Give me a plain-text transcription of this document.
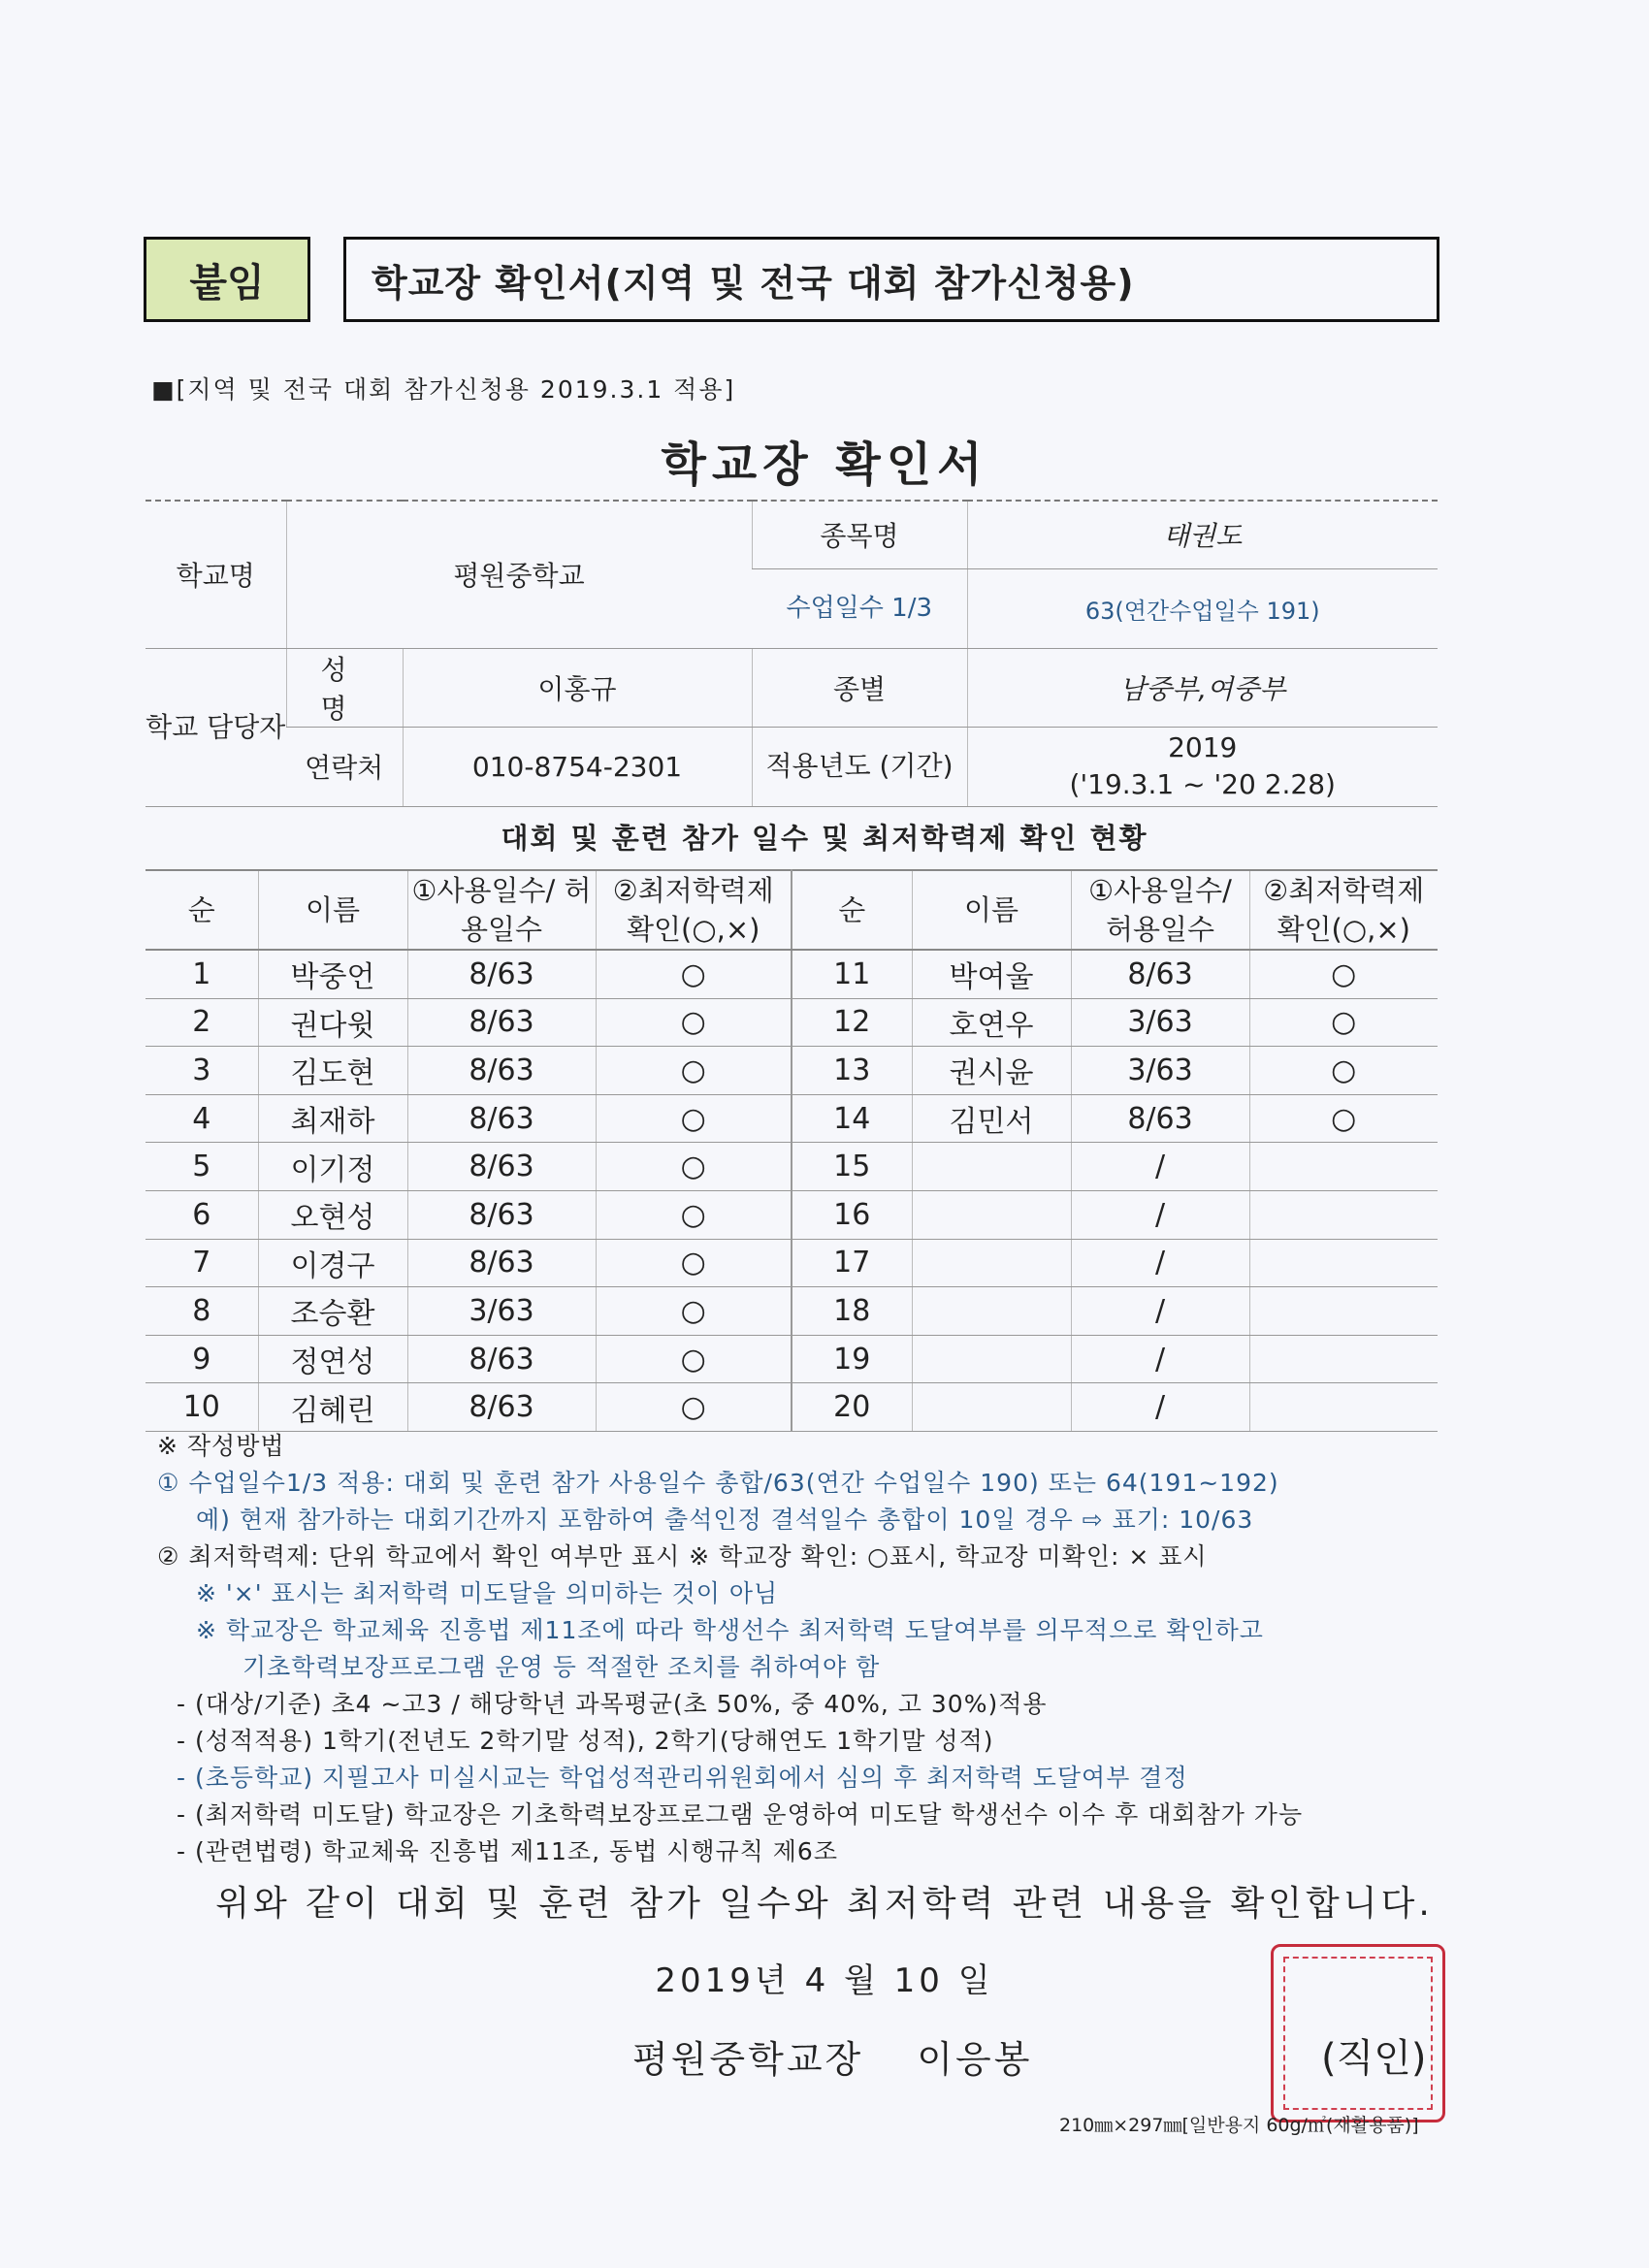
붙임	학교장 확인서(지역 및 전국 대회 참가신청용)
■[지역 및 전국 대회 참가신청용 2019.3.1 적용]
학교장 확인서
학교명	평원중학교		종목명	태권도
			수업일수 1/3	63(연간수업일수 191)
학교 담당자	성 명	이홍규	종별	남중부,여중부
	연락처	010-8754-2301	적용년도 (기간)	2019
('19.3.1 ~ '20 2.28)
대회 및 훈련 참가 일수 및 최저학력제 확인 현황
순	이름	①사용일수/ 허용일수	②최저학력제 확인(○,×)	순	이름	①사용일수/ 허용일수	②최저학력제 확인(○,×)
1	박중언	8/63	○	11	박여울	8/63	○
2	권다윗	8/63	○	12	호연우	3/63	○
3	김도현	8/63	○	13	권시윤	3/63	○
4	최재하	8/63	○	14	김민서	8/63	○
5	이기정	8/63	○	15		/	
6	오현성	8/63	○	16		/	
7	이경구	8/63	○	17		/	
8	조승환	3/63	○	18		/	
9	정연성	8/63	○	19		/	
10	김혜린	8/63	○	20		/	
※ 작성방법
① 수업일수1/3 적용: 대회 및 훈련 참가 사용일수 총합/63(연간 수업일수 190) 또는 64(191~192)
예) 현재 참가하는 대회기간까지 포함하여 출석인정 결석일수 총합이 10일 경우 ⇨ 표기: 10/63
② 최저학력제: 단위 학교에서 확인 여부만 표시 ※ 학교장 확인: ○표시, 학교장 미확인: × 표시
※ '×' 표시는 최저학력 미도달을 의미하는 것이 아님
※ 학교장은 학교체육 진흥법 제11조에 따라 학생선수 최저학력 도달여부를 의무적으로 확인하고
기초학력보장프로그램 운영 등 적절한 조치를 취하여야 함
- (대상/기준) 초4 ~고3 / 해당학년 과목평균(초 50%, 중 40%, 고 30%)적용
- (성적적용) 1학기(전년도 2학기말 성적), 2학기(당해연도 1학기말 성적)
- (초등학교) 지필고사 미실시교는 학업성적관리위원회에서 심의 후 최저학력 도달여부 결정
- (최저학력 미도달) 학교장은 기초학력보장프로그램 운영하여 미도달 학생선수 이수 후 대회참가 가능
- (관련법령) 학교체육 진흥법 제11조, 동법 시행규칙 제6조
위와 같이 대회 및 훈련 참가 일수와 최저학력 관련 내용을 확인합니다.
2019년 4 월 10 일
평원중학교장 이응봉	(직인)
210㎜×297㎜[일반용지 60g/㎡(재활용품)]
